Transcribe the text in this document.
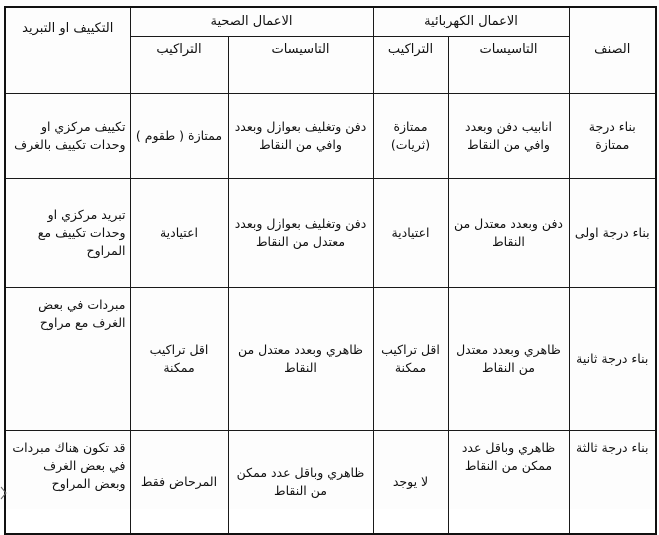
الصنف	الاعمال الكهربائية		الاعمال الصحية		التكييف او التبريد
	التاسيسات	التراكيب	التاسيسات	التراكيب	
بناء درجة ممتازة	انابيب دفن وبعدد وافي من النقاط	ممتازة (ثريات)	دفن وتغليف بعوازل وبعدد وافي من النقاط	ممتازة ( طقوم )	تكييف مركزي او وحدات تكييف بالغرف
بناء درجة اولى	دفن وبعدد معتدل من النقاط	اعتيادية	دفن وتغليف بعوازل وبعدد معتدل من النقاط	اعتيادية	تبريد مركزي او وحدات تكييف مع المراوح
بناء درجة ثانية	ظاهري وبعدد معتدل من النقاط	اقل تراكيب ممكنة	ظاهري وبعدد معتدل من النقاط	اقل تراكيب ممكنة	مبردات في بعض الغرف مع مراوح
بناء درجة ثالثة	ظاهري وباقل عدد ممكن من النقاط	لا يوجد	ظاهري وباقل عدد ممكن من النقاط	المرحاض فقط	قد تكون هناك مبردات في بعض الغرف وبعض المراوح
